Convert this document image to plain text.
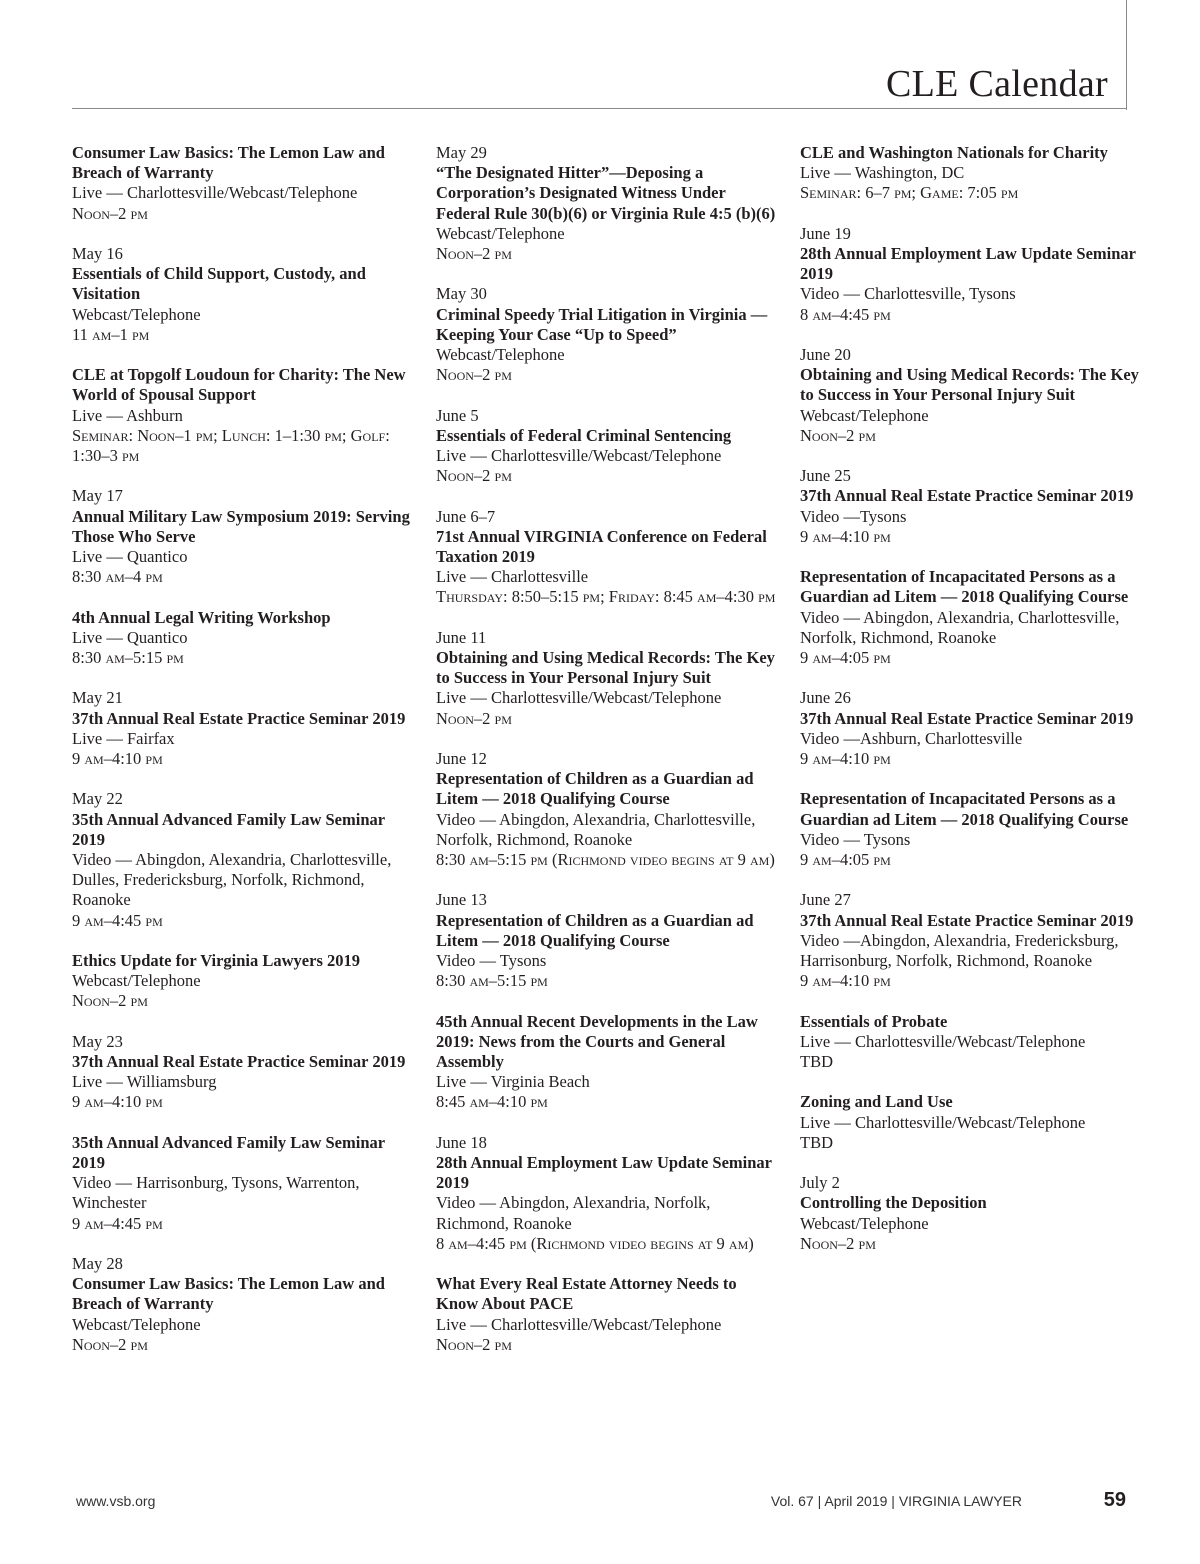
CLE Calendar
Consumer Law Basics: The Lemon Law and Breach of Warranty
Live — Charlottesville/Webcast/Telephone
Noon–2 pm
May 16
Essentials of Child Support, Custody, and Visitation
Webcast/Telephone
11 am–1 pm
CLE at Topgolf Loudoun for Charity: The New World of Spousal Support
Live — Ashburn
Seminar: Noon–1 pm; Lunch: 1–1:30 pm; Golf: 1:30–3 pm
May 17
Annual Military Law Symposium 2019: Serving Those Who Serve
Live — Quantico
8:30 am–4 pm
4th Annual Legal Writing Workshop
Live — Quantico
8:30 am–5:15 pm
May 21
37th Annual Real Estate Practice Seminar 2019
Live — Fairfax
9 am–4:10 pm
May 22
35th Annual Advanced Family Law Seminar 2019
Video — Abingdon, Alexandria, Charlottesville, Dulles, Fredericksburg, Norfolk, Richmond, Roanoke
9 am–4:45 pm
Ethics Update for Virginia Lawyers 2019
Webcast/Telephone
Noon–2 pm
May 23
37th Annual Real Estate Practice Seminar 2019
Live — Williamsburg
9 am–4:10 pm
35th Annual Advanced Family Law Seminar 2019
Video — Harrisonburg, Tysons, Warrenton, Winchester
9 am–4:45 pm
May 28
Consumer Law Basics: The Lemon Law and Breach of Warranty
Webcast/Telephone
Noon–2 pm
May 29
“The Designated Hitter”—Deposing a Corporation’s Designated Witness Under Federal Rule 30(b)(6) or Virginia Rule 4:5 (b)(6)
Webcast/Telephone
Noon–2 pm
May 30
Criminal Speedy Trial Litigation in Virginia —Keeping Your Case “Up to Speed”
Webcast/Telephone
Noon–2 pm
June 5
Essentials of Federal Criminal Sentencing
Live — Charlottesville/Webcast/Telephone
Noon–2 pm
June 6–7
71st Annual VIRGINIA Conference on Federal Taxation 2019
Live — Charlottesville
Thursday: 8:50–5:15 pm; Friday: 8:45 am–4:30 pm
June 11
Obtaining and Using Medical Records: The Key to Success in Your Personal Injury Suit
Live — Charlottesville/Webcast/Telephone
Noon–2 pm
June 12
Representation of Children as a Guardian ad Litem — 2018 Qualifying Course
Video — Abingdon, Alexandria, Charlottesville, Norfolk, Richmond, Roanoke
8:30 am–5:15 pm (Richmond video begins at 9 am)
June 13
Representation of Children as a Guardian ad Litem — 2018 Qualifying Course
Video — Tysons
8:30 am–5:15 pm
45th Annual Recent Developments in the Law 2019: News from the Courts and General Assembly
Live — Virginia Beach
8:45 am–4:10 pm
June 18
28th Annual Employment Law Update Seminar 2019
Video — Abingdon, Alexandria, Norfolk, Richmond, Roanoke
8 am–4:45 pm (Richmond video begins at 9 am)
What Every Real Estate Attorney Needs to Know About PACE
Live — Charlottesville/Webcast/Telephone
Noon–2 pm
CLE and Washington Nationals for Charity
Live — Washington, DC
Seminar: 6–7 pm; Game: 7:05 pm
June 19
28th Annual Employment Law Update Seminar 2019
Video — Charlottesville, Tysons
8 am–4:45 pm
June 20
Obtaining and Using Medical Records: The Key to Success in Your Personal Injury Suit
Webcast/Telephone
Noon–2 pm
June 25
37th Annual Real Estate Practice Seminar 2019
Video —Tysons
9 am–4:10 pm
Representation of Incapacitated Persons as a Guardian ad Litem — 2018 Qualifying Course
Video — Abingdon, Alexandria, Charlottesville, Norfolk, Richmond, Roanoke
9 am–4:05 pm
June 26
37th Annual Real Estate Practice Seminar 2019
Video —Ashburn, Charlottesville
9 am–4:10 pm
Representation of Incapacitated Persons as a Guardian ad Litem — 2018 Qualifying Course
Video — Tysons
9 am–4:05 pm
June 27
37th Annual Real Estate Practice Seminar 2019
Video —Abingdon, Alexandria, Fredericksburg, Harrisonburg, Norfolk, Richmond, Roanoke
9 am–4:10 pm
Essentials of Probate
Live — Charlottesville/Webcast/Telephone
TBD
Zoning and Land Use
Live — Charlottesville/Webcast/Telephone
TBD
July 2
Controlling the Deposition
Webcast/Telephone
Noon–2 pm
www.vsb.org	Vol. 67 | April 2019 | VIRGINIA LAWYER	59
